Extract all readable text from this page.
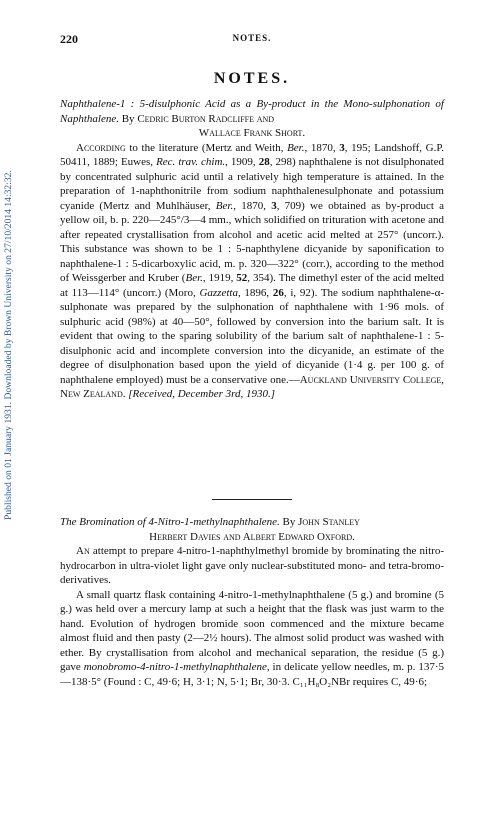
Published on 01 January 1931. Downloaded by Brown University on 27/10/2014 14:32:32.
220	NOTES.
NOTES.

Naphthalene-1 : 5-disulphonic Acid as a By-product in the Mono-sulphonation of Naphthalene. By Cedric Burton Radcliffe and

Wallace Frank Short.

According to the literature (Mertz and Weith, Ber., 1870, 3, 195; Landshoff, G.P. 50411, 1889; Euwes, Rec. trav. chim., 1909, 28, 298) naphthalene is not disulphonated by concentrated sulphuric acid until a relatively high temperature is attained. In the preparation of 1-naphthonitrile from sodium naphthalenesulphonate and potassium cyanide (Mertz and Muhlhäuser, Ber., 1870, 3, 709) we obtained as by-product a yellow oil, b. p. 220—245°/3—4 mm., which solidified on trituration with acetone and after repeated crystallisation from alcohol and acetic acid melted at 257° (uncorr.). This substance was shown to be 1 : 5-naphthylene dicyanide by saponification to naphthalene-1 : 5-dicarboxylic acid, m. p. 320—322° (corr.), according to the method of Weissgerber and Kruber (Ber., 1919, 52, 354). The dimethyl ester of the acid melted at 113—114° (uncorr.) (Moro, Gazzetta, 1896, 26, i, 92). The sodium naphthalene-α-sulphonate was prepared by the sulphonation of naphthalene with 1·96 mols. of sulphuric acid (98%) at 40—50°, followed by conversion into the barium salt. It is evident that owing to the sparing solubility of the barium salt of naphthalene-1 : 5-disulphonic acid and incomplete conversion into the dicyanide, an estimate of the degree of disulphonation based upon the yield of dicyanide (1·4 g. per 100 g. of naphthalene employed) must be a conservative one.—Auckland University College, New Zealand. [Received, December 3rd, 1930.]

The Bromination of 4-Nitro-1-methylnaphthalene. By John Stanley

Herbert Davies and Albert Edward Oxford.

An attempt to prepare 4-nitro-1-naphthylmethyl bromide by brominating the nitro-hydrocarbon in ultra-violet light gave only nuclear-substituted mono- and tetra-bromo-derivatives.

A small quartz flask containing 4-nitro-1-methylnaphthalene (5 g.) and bromine (5 g.) was held over a mercury lamp at such a height that the flask was just warm to the hand. Evolution of hydrogen bromide soon commenced and the mixture became almost fluid and then pasty (2—2½ hours). The almost solid product was washed with ether. By crystallisation from alcohol and mechanical separation, the residue (5 g.) gave monobromo-4-nitro-1-methylnaphthalene, in delicate yellow needles, m. p. 137·5—138·5° (Found : C, 49·6; H, 3·1; N, 5·1; Br, 30·3. C₁₁H₈O₂NBr requires C, 49·6;
